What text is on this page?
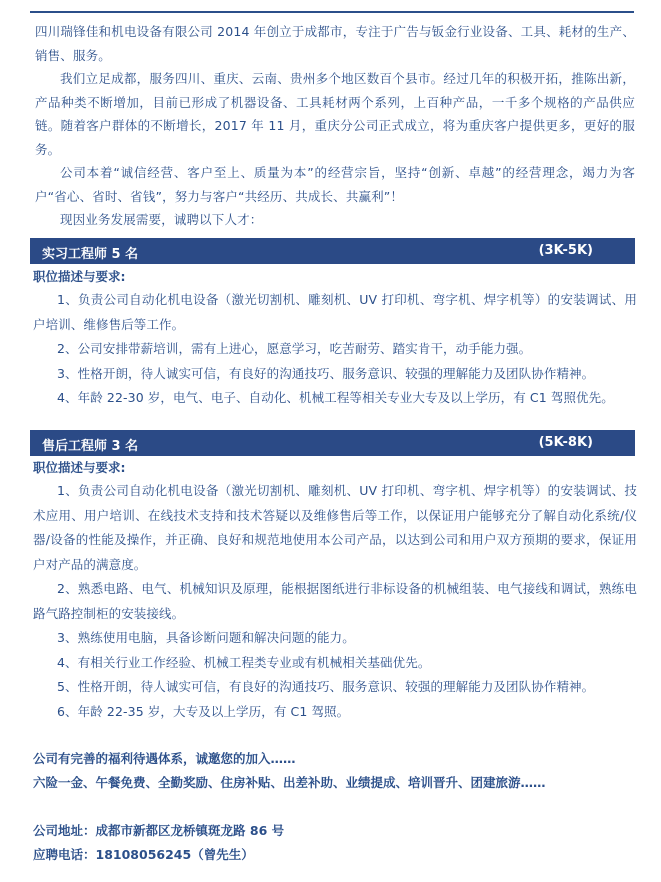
四川瑞锋佳和机电设备有限公司 2014 年创立于成都市，专注于广告与钣金行业设备、工具、耗材的生产、销售、服务。

我们立足成都，服务四川、重庆、云南、贵州多个地区数百个县市。经过几年的积极开拓，推陈出新，产品种类不断增加，目前已形成了机器设备、工具耗材两个系列，上百种产品，一千多个规格的产品供应链。随着客户群体的不断增长，2017 年 11 月，重庆分公司正式成立，将为重庆客户提供更多，更好的服务。

公司本着“诚信经营、客户至上、质量为本”的经营宗旨，坚持“创新、卓越”的经营理念，竭力为客户“省心、省时、省钱”，努力与客户“共经历、共成长、共赢利”！

现因业务发展需要，诚聘以下人才：

实习工程师 5 名	(3K-5K)
职位描述与要求:

1、负责公司自动化机电设备（激光切割机、雕刻机、UV 打印机、弯字机、焊字机等）的安装调试、用户培训、维修售后等工作。

2、公司安排带薪培训，需有上进心，愿意学习，吃苦耐劳、踏实肯干，动手能力强。

3、性格开朗，待人诚实可信，有良好的沟通技巧、服务意识、较强的理解能力及团队协作精神。

4、年龄 22-30 岁，电气、电子、自动化、机械工程等相关专业大专及以上学历，有 C1 驾照优先。

售后工程师 3 名	(5K-8K)
职位描述与要求:

1、负责公司自动化机电设备（激光切割机、雕刻机、UV 打印机、弯字机、焊字机等）的安装调试、技术应用、用户培训、在线技术支持和技术答疑以及维修售后等工作，以保证用户能够充分了解自动化系统/仪器/设备的性能及操作，并正确、良好和规范地使用本公司产品，以达到公司和用户双方预期的要求，保证用户对产品的满意度。

2、熟悉电路、电气、机械知识及原理，能根据图纸进行非标设备的机械组装、电气接线和调试，熟练电路气路控制柜的安装接线。

3、熟练使用电脑，具备诊断问题和解决问题的能力。

4、有相关行业工作经验、机械工程类专业或有机械相关基础优先。

5、性格开朗，待人诚实可信，有良好的沟通技巧、服务意识、较强的理解能力及团队协作精神。

6、年龄 22-35 岁，大专及以上学历，有 C1 驾照。

公司有完善的福利待遇体系，诚邀您的加入……

六险一金、午餐免费、全勤奖励、住房补贴、出差补助、业绩提成、培训晋升、团建旅游……

公司地址：成都市新都区龙桥镇斑龙路 86 号

应聘电话：18108056245（曾先生）
